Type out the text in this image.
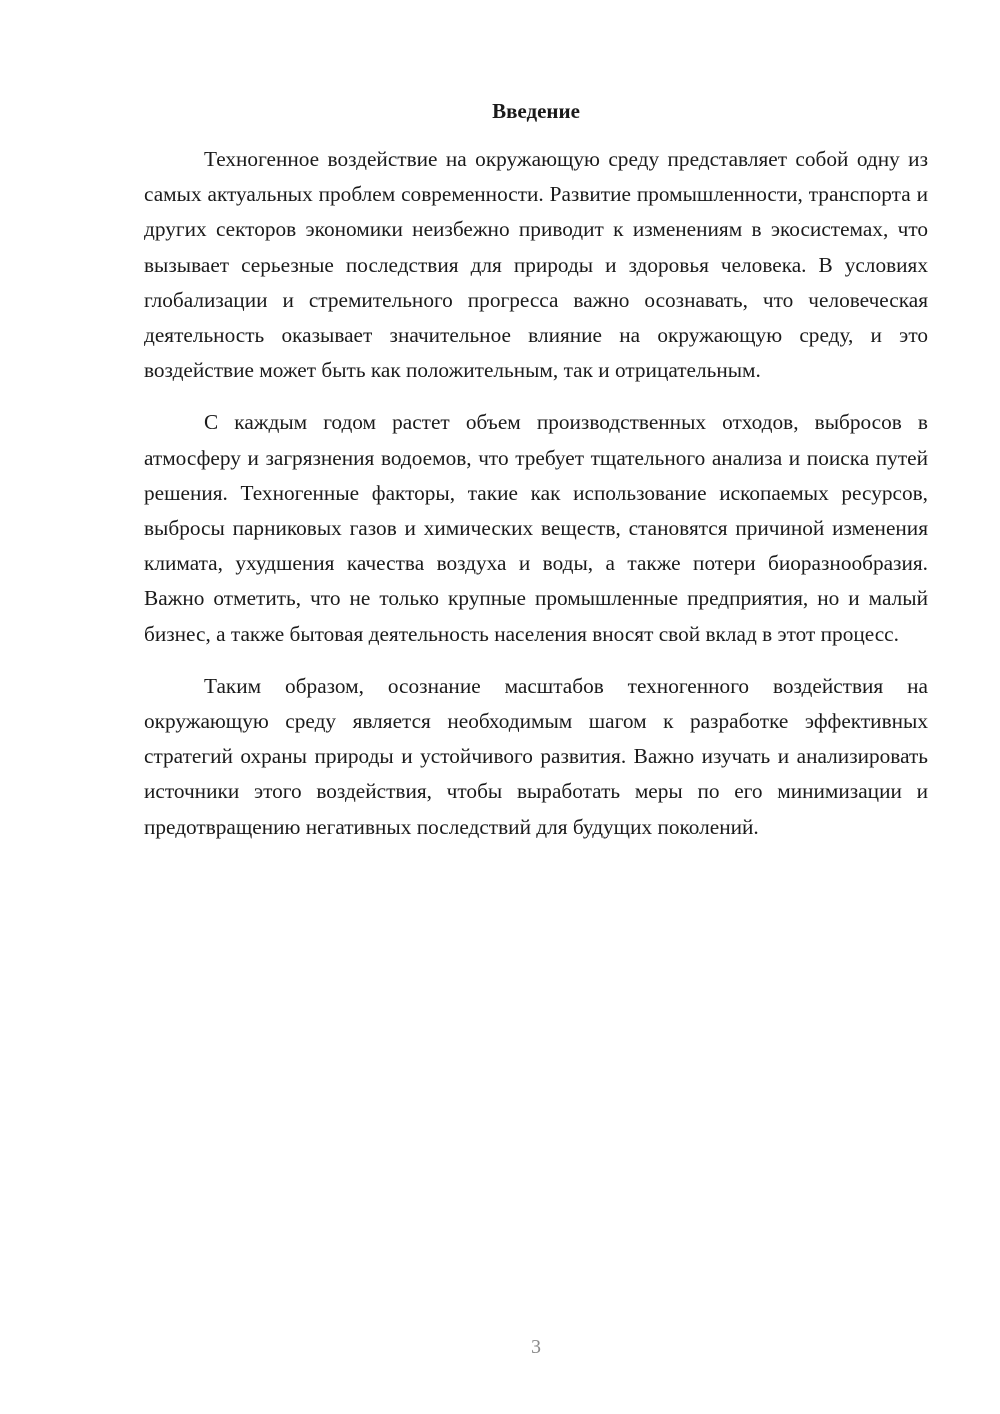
Введение

Техногенное воздействие на окружающую среду представляет собой одну из самых актуальных проблем современности. Развитие промышленности, транспорта и других секторов экономики неизбежно приводит к изменениям в экосистемах, что вызывает серьезные последствия для природы и здоровья человека. В условиях глобализации и стремительного прогресса важно осознавать, что человеческая деятельность оказывает значительное влияние на окружающую среду, и это воздействие может быть как положительным, так и отрицательным.

С каждым годом растет объем производственных отходов, выбросов в атмосферу и загрязнения водоемов, что требует тщательного анализа и поиска путей решения. Техногенные факторы, такие как использование ископаемых ресурсов, выбросы парниковых газов и химических веществ, становятся причиной изменения климата, ухудшения качества воздуха и воды, а также потери биоразнообразия. Важно отметить, что не только крупные промышленные предприятия, но и малый бизнес, а также бытовая деятельность населения вносят свой вклад в этот процесс.

Таким образом, осознание масштабов техногенного воздействия на окружающую среду является необходимым шагом к разработке эффективных стратегий охраны природы и устойчивого развития. Важно изучать и анализировать источники этого воздействия, чтобы выработать меры по его минимизации и предотвращению негативных последствий для будущих поколений.

3
